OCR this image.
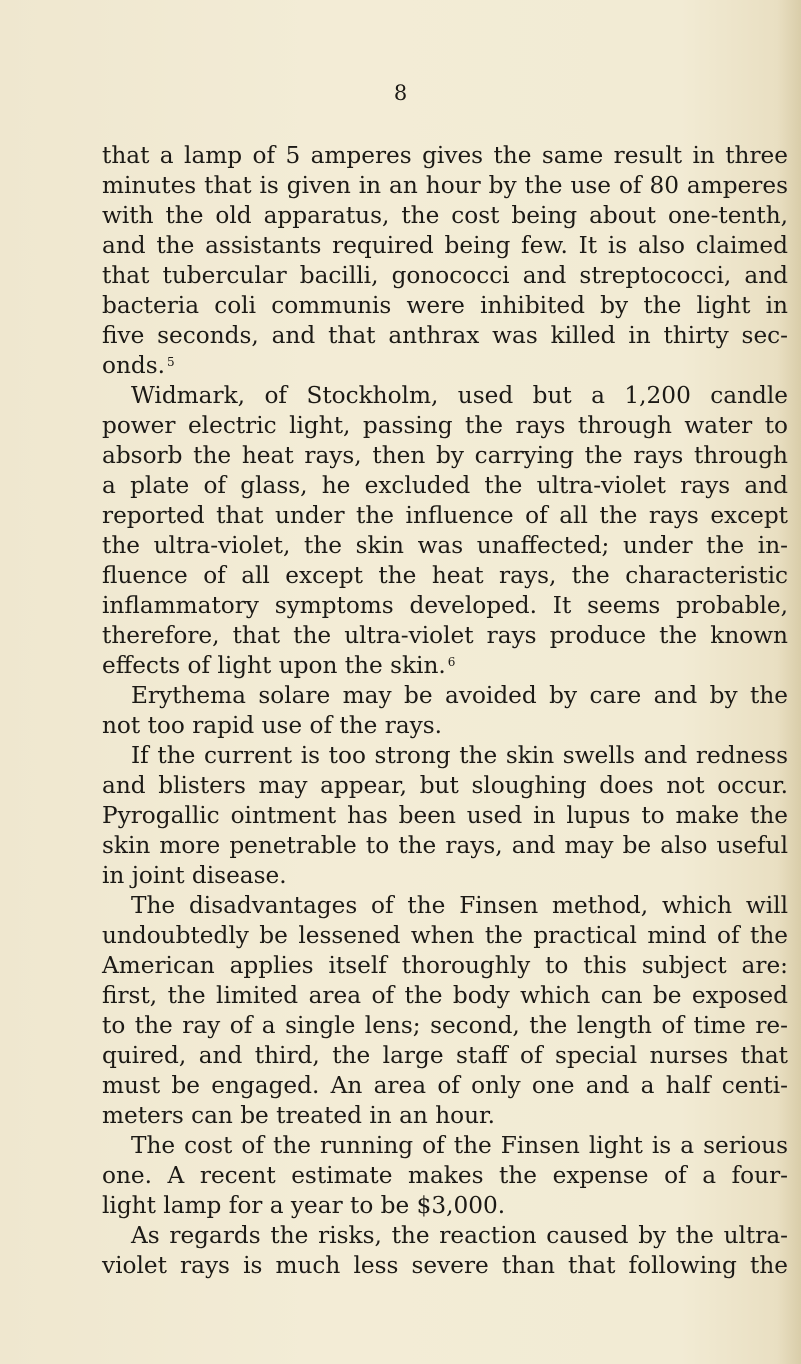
8
that a lamp of 5 amperes gives the same result in three
minutes that is given in an hour by the use of 80 amperes
with the old apparatus, the cost being about one-tenth,
and the assistants required being few. It is also claimed
that tubercular bacilli, gonococci and streptococci, and
bacteria coli communis were inhibited by the light in
five seconds, and that anthrax was killed in thirty sec-
onds. $^5$
Widmark, of Stockholm, used but a 1,200 candle
power electric light, passing the rays through water to
absorb the heat rays, then by carrying the rays through
a plate of glass, he excluded the ultra-violet rays and
reported that under the influence of all the rays except
the ultra-violet, the skin was unaffected; under the in-
fluence of all except the heat rays, the characteristic
inflammatory symptoms developed. It seems probable,
therefore, that the ultra-violet rays produce the known
effects of light upon the skin. $^6$
Erythema solare may be avoided by care and by the
not too rapid use of the rays.
If the current is too strong the skin swells and redness
and blisters may appear, but sloughing does not occur.
Pyrogallic ointment has been used in lupus to make the
skin more penetrable to the rays, and may be also useful
in joint disease.
The disadvantages of the Finsen method, which will
undoubtedly be lessened when the practical mind of the
American applies itself thoroughly to this subject are:
first, the limited area of the body which can be exposed
to the ray of a single lens; second, the length of time re-
quired, and third, the large staff of special nurses that
must be engaged. An area of only one and a half centi-
meters can be treated in an hour.
The cost of the running of the Finsen light is a serious
one. A recent estimate makes the expense of a four-
light lamp for a year to be $3,000.
As regards the risks, the reaction caused by the ultra-
violet rays is much less severe than that following the
